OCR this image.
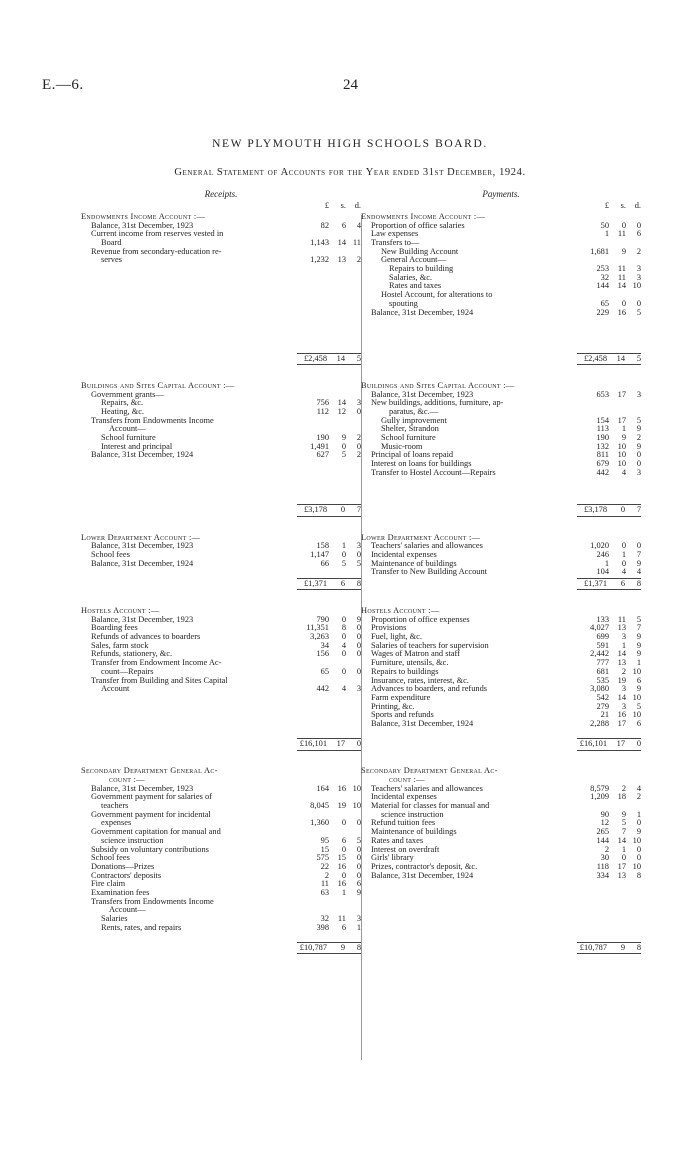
E.—6.	24
NEW PLYMOUTH HIGH SCHOOLS BOARD.
General Statement of Accounts for the Year ended 31st December, 1924.
Receipts.
£	s.	d.
Endowments Income Account :—
Balance, 31st December, 1923	82	6	4
Current income from reserves vested in
Board	1,143	14 11
Revenue from secondary-education re-
serves	1,232	13	2
£2,458	14	5
Buildings and Sites Capital Account :—
Government grants—
Repairs, &c.	756	14	3
Heating, &c.	112	12	0
Transfers from Endowments Income
Account—
School furniture	190	9	2
Interest and principal	1,491	0	0
Balance, 31st December, 1924	627	5	2
£3,178	0	7
Lower Department Account :—
Balance, 31st December, 1923	158	1	3
School fees	1,147	0	0
Balance, 31st December, 1924	66	5	5
£1,371	6	8
Hostels Account :—
Balance, 31st December, 1923	790	0	9
Boarding fees	11,351	8	0
Refunds of advances to boarders	3,263	0	0
Sales, farm stock	34	4	0
Refunds, stationery, &c.	156	0	0
Transfer from Endowment Income Ac-
count—Repairs	65	0	0
Transfer from Building and Sites Capital
Account	442	4	3
£16,101	17	0
Secondary Department General Ac-
count :—
Balance, 31st December, 1923	164	16 10
Government payment for salaries of
teachers	8,045	19 10
Government payment for incidental
expenses	1,360	0	0
Government capitation for manual and
science instruction	95	6	5
Subsidy on voluntary contributions	15	0	0
School fees	575	15	0
Donations—Prizes	22	16	0
Contractors' deposits	2	0	0
Fire claim	11	16	6
Examination fees	63	1	9
Transfers from Endowments Income
Account—
Salaries	32	11	3
Rents, rates, and repairs	398	6	1
£10,787	9	8
Payments.
£	s.	d.
Endowments Income Account :—
Proportion of office salaries	50	0	0
Law expenses	1	11	6
Transfers to—
New Building Account	1,681	9	2
General Account—
Repairs to building	253	11	3
Salaries, &c.	32	11	3
Rates and taxes	144	14 10
Hostel Account, for alterations to
spouting	65	0	0
Balance, 31st December, 1924	229	16	5
£2,458	14	5
Buildings and Sites Capital Account :—
Balance, 31st December, 1923	653	17	3
New buildings, additions, furniture, ap-
paratus, &c.—
Gully improvement	154	17	5
Shelter, Strandon	113	1	9
School furniture	190	9	2
Music-room	132	10	9
Principal of loans repaid	811	10	0
Interest on loans for buildings	679	10	0
Transfer to Hostel Account—Repairs	442	4	3
£3,178	0	7
Lower Department Account :—
Teachers' salaries and allowances	1,020	0	0
Incidental expenses	246	1	7
Maintenance of buildings	1	0	9
Transfer to New Building Account	104	4	4
£1,371	6	8
Hostels Account :—
Proportion of office expenses	133	11	5
Provisions	4,027	13	7
Fuel, light, &c.	699	3	9
Salaries of teachers for supervision	591	1	9
Wages of Matron and staff	2,442	14	9
Furniture, utensils, &c.	777	13	1
Repairs to buildings	681	2 10
Insurance, rates, interest, &c.	535	19	6
Advances to boarders, and refunds	3,080	3	9
Farm expenditure	542	14 10
Printing, &c.	279	3	5
Sports and refunds	21	16 10
Balance, 31st December, 1924	2,288	17	6
£16,101	17	0
Secondary Department General Ac-
count :—
Teachers' salaries and allowances	8,579	2	4
Incidental expenses	1,209	18	2
Material for classes for manual and
science instruction	90	9	1
Refund tuition fees	12	5	0
Maintenance of buildings	265	7	9
Rates and taxes	144	14 10
Interest on overdraft	2	1	0
Girls' library	30	0	0
Prizes, contractor's deposit, &c.	118	17 10
Balance, 31st December, 1924	334	13	8
£10,787	9	8
